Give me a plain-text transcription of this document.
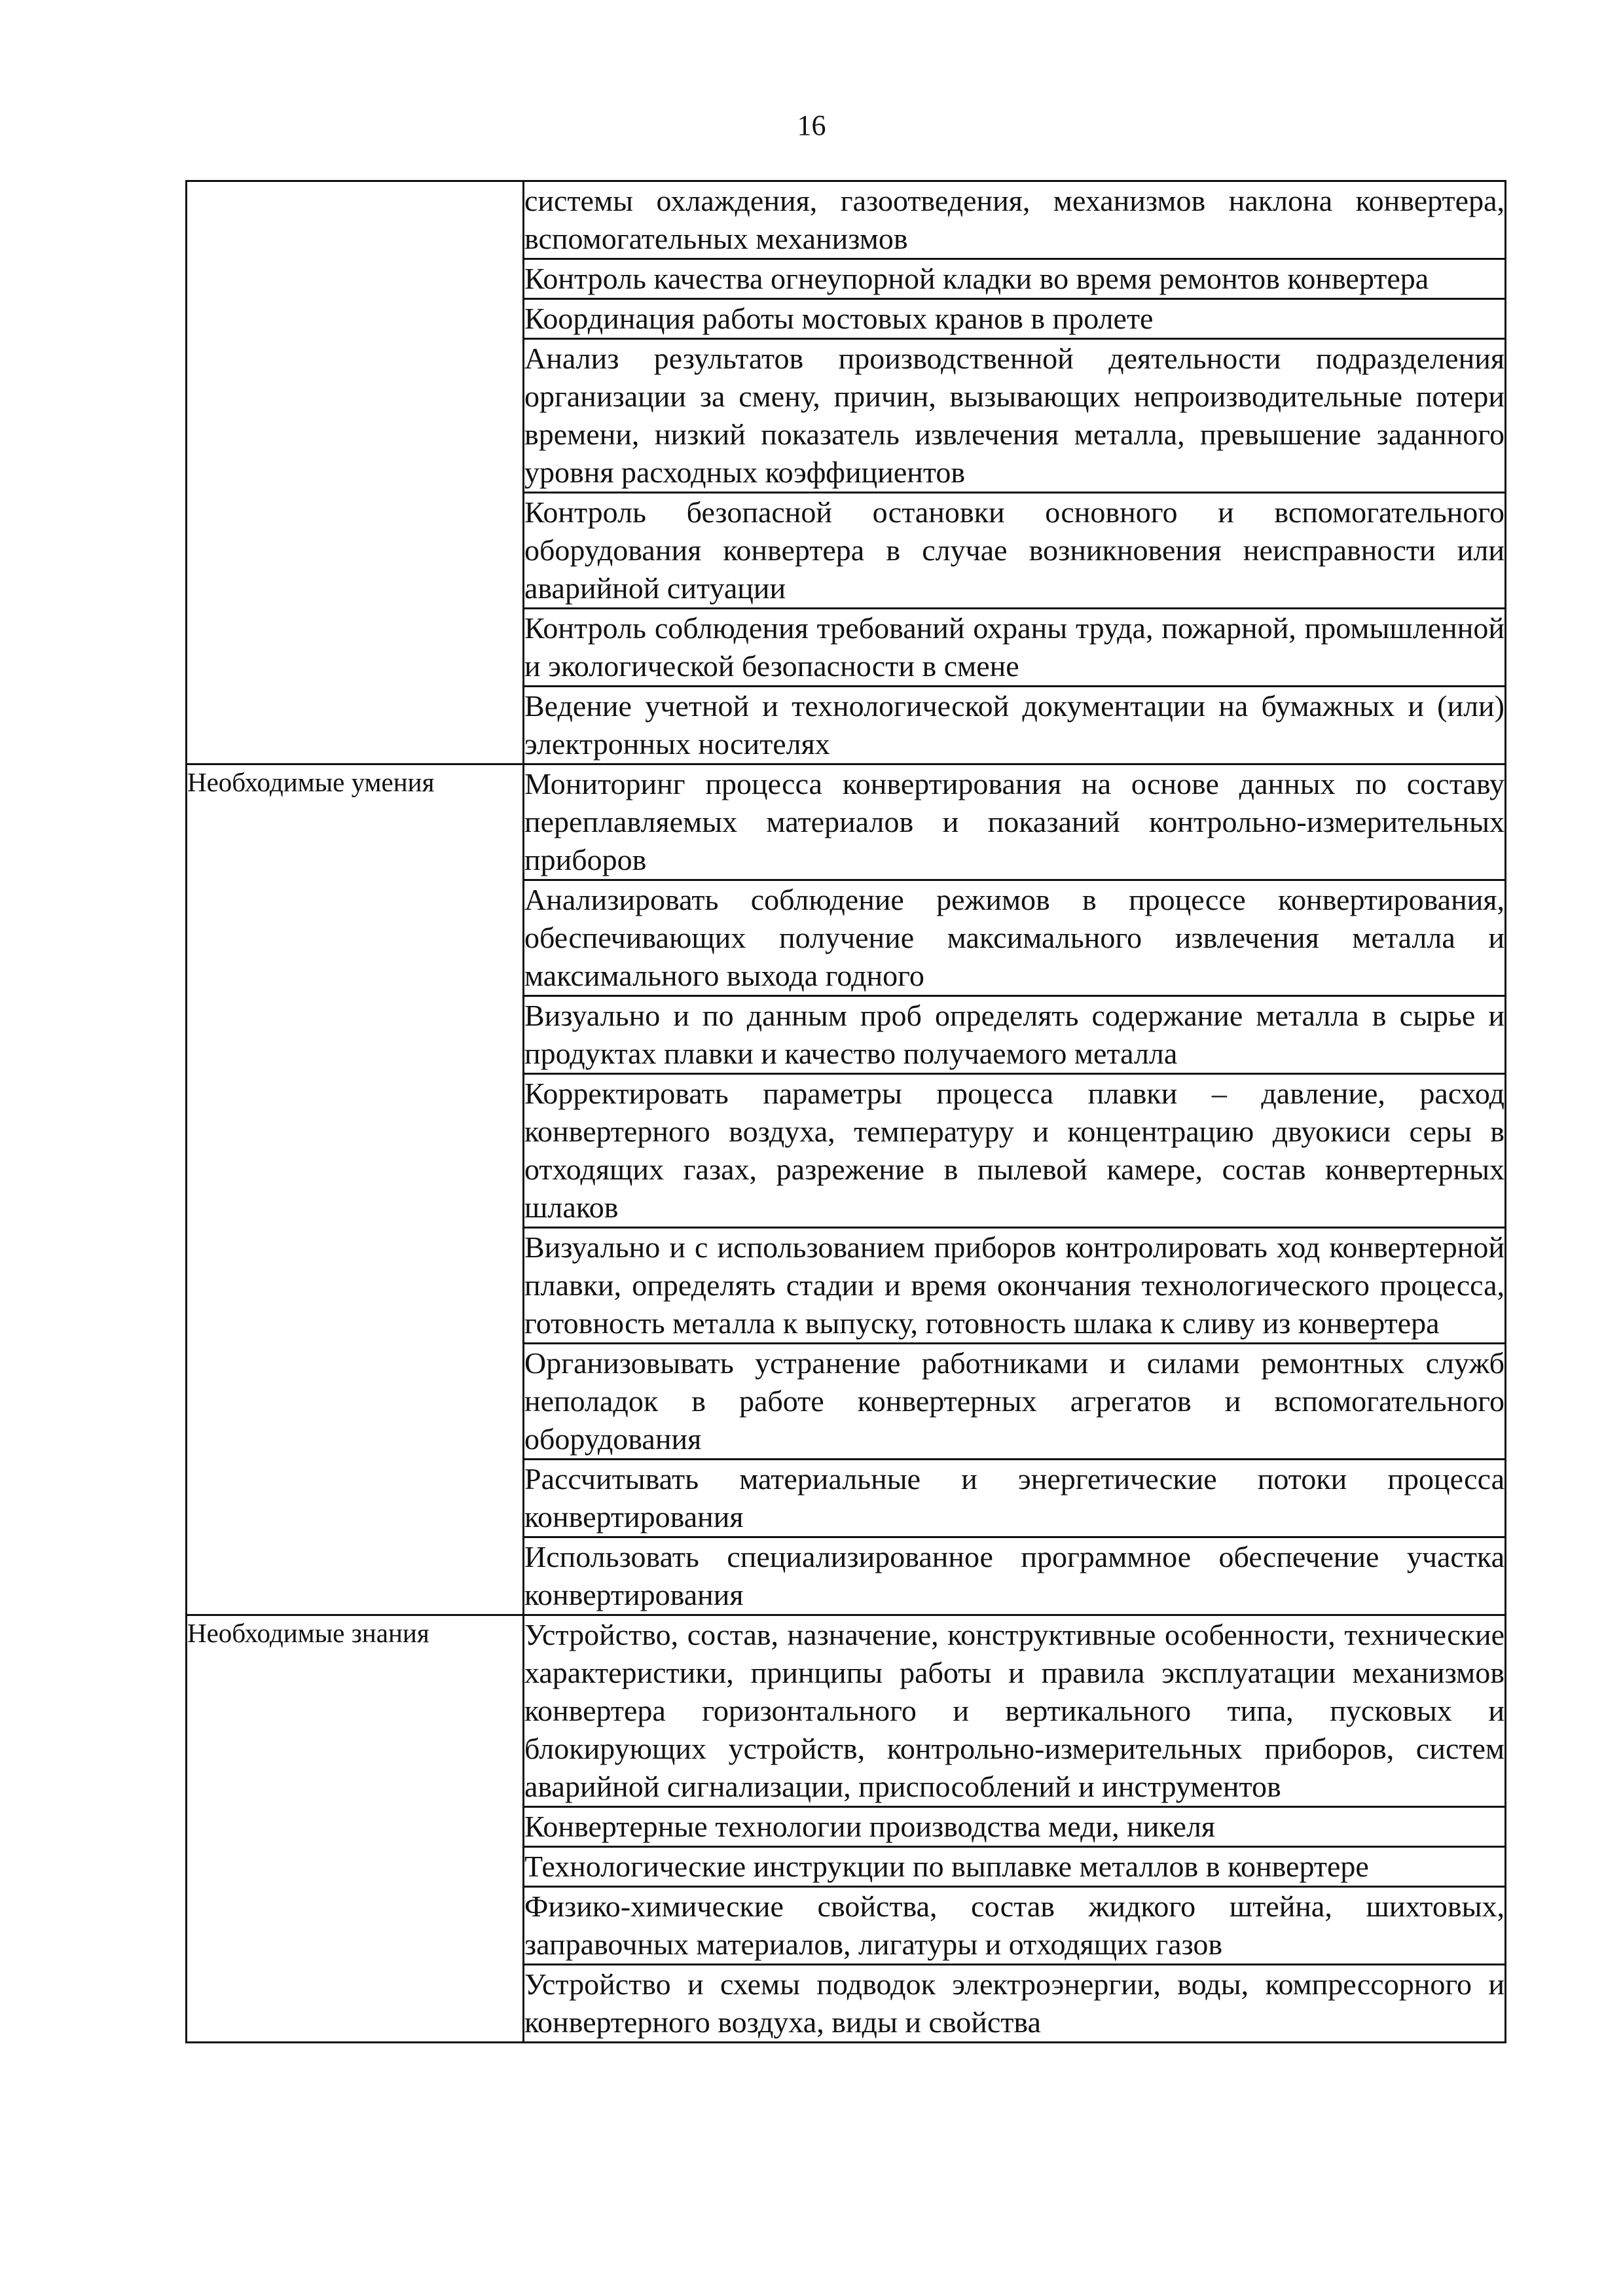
16
	системы охлаждения, газоотведения, механизмов наклона конвертера, вспомогательных механизмов
	Контроль качества огнеупорной кладки во время ремонтов конвертера
	Координация работы мостовых кранов в пролете
	Анализ результатов производственной деятельности подразделения организации за смену, причин, вызывающих непроизводительные потери времени, низкий показатель извлечения металла, превышение заданного уровня расходных коэффициентов
	Контроль безопасной остановки основного и вспомогательного оборудования конвертера в случае возникновения неисправности или аварийной ситуации
	Контроль соблюдения требований охраны труда, пожарной, промышленной и экологической безопасности в смене
	Ведение учетной и технологической документации на бумажных и (или) электронных носителях
Необходимые умения	Мониторинг процесса конвертирования на основе данных по составу переплавляемых материалов и показаний контрольно-измерительных приборов
	Анализировать соблюдение режимов в процессе конвертирования, обеспечивающих получение максимального извлечения металла и максимального выхода годного
	Визуально и по данным проб определять содержание металла в сырье и продуктах плавки и качество получаемого металла
	Корректировать параметры процесса плавки – давление, расход конвертерного воздуха, температуру и концентрацию двуокиси серы в отходящих газах, разрежение в пылевой камере, состав конвертерных шлаков
	Визуально и с использованием приборов контролировать ход конвертерной плавки, определять стадии и время окончания технологического процесса, готовность металла к выпуску, готовность шлака к сливу из конвертера
	Организовывать устранение работниками и силами ремонтных служб неполадок в работе конвертерных агрегатов и вспомогательного оборудования
	Рассчитывать материальные и энергетические потоки процесса конвертирования
	Использовать специализированное программное обеспечение участка конвертирования
Необходимые знания	Устройство, состав, назначение, конструктивные особенности, технические характеристики, принципы работы и правила эксплуатации механизмов конвертера горизонтального и вертикального типа, пусковых и блокирующих устройств, контрольно-измерительных приборов, систем аварийной сигнализации, приспособлений и инструментов
	Конвертерные технологии производства меди, никеля
	Технологические инструкции по выплавке металлов в конвертере
	Физико-химические свойства, состав жидкого штейна, шихтовых, заправочных материалов, лигатуры и отходящих газов
	Устройство и схемы подводок электроэнергии, воды, компрессорного и конвертерного воздуха, виды и свойства
